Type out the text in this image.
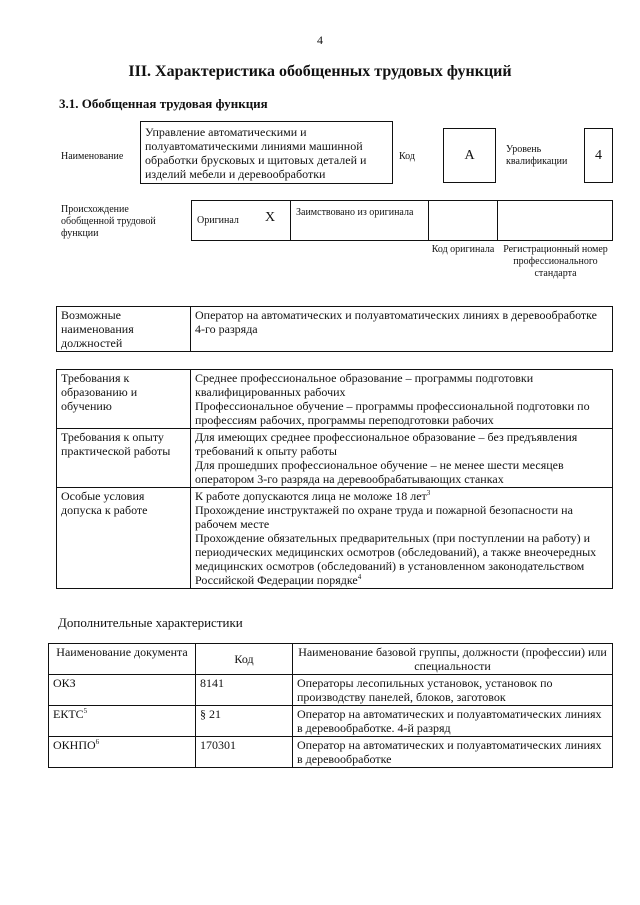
4
III. Характеристика обобщенных трудовых функций
3.1. Обобщенная трудовая функция
Наименование
Управление автоматическими и полуавтоматическими линиями машинной обработки брусковых и щитовых деталей и изделий мебели и деревообработки
Код	А	Уровень квалификации	4
Происхождение обобщенной трудовой функции
Оригинал X	Заимствовано из оригинала
Код оригинала Регистрационный номер профессионального стандарта
Возможные наименования должностей	Оператор на автоматических и полуавтоматических линиях в деревообработке 4-го разряда
Требования к образованию и обучению	Среднее профессиональное образование – программы подготовки квалифицированных рабочих

Профессиональное обучение – программы профессиональной подготовки по профессиям рабочих, программы переподготовки рабочих

Требования к опыту практической работы	Для имеющих среднее профессиональное образование – без предъявления требований к опыту работы

Для прошедших профессиональное обучение – не менее шести месяцев оператором 3-го разряда на деревообрабатывающих станках

Особые условия допуска к работе	К работе допускаются лица не моложе 18 лет$^3$

Прохождение инструктажей по охране труда и пожарной безопасности на рабочем месте

Прохождение обязательных предварительных (при поступлении на работу) и периодических медицинских осмотров (обследований), а также внеочередных медицинских осмотров (обследований) в установленном законодательством Российской Федерации порядке$^4$

Дополнительные характеристики
Наименование документа	Код	Наименование базовой группы, должности (профессии) или специальности
ОКЗ	8141	Операторы лесопильных установок, установок по производству панелей, блоков, заготовок
ЕКТС$^5$	§ 21	Оператор на автоматических и полуавтоматических линиях в деревообработке. 4-й разряд
ОКНПО$^6$	170301	Оператор на автоматических и полуавтоматических линиях в деревообработке
